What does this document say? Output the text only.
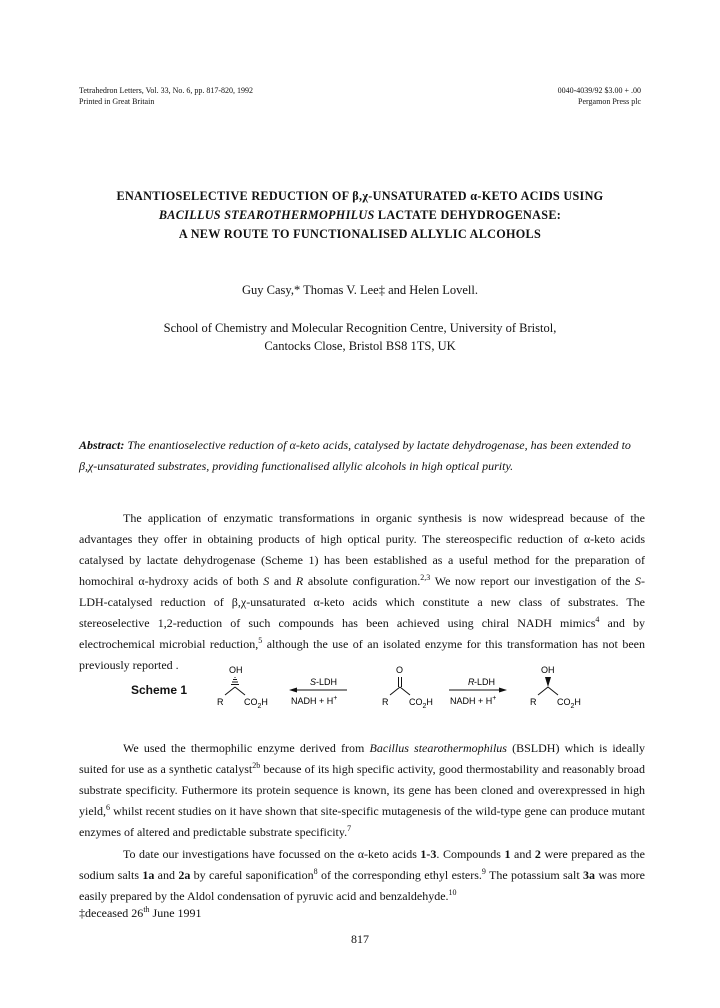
Tetrahedron Letters, Vol. 33, No. 6, pp. 817-820, 1992
Printed in Great Britain
0040-4039/92 $3.00 + .00
Pergamon Press plc
ENANTIOSELECTIVE REDUCTION OF β,χ-UNSATURATED α-KETO ACIDS USING
BACILLUS STEAROTHERMOPHILUS LACTATE DEHYDROGENASE:
A NEW ROUTE TO FUNCTIONALISED ALLYLIC ALCOHOLS
Guy Casy,* Thomas V. Lee‡ and Helen Lovell.
School of Chemistry and Molecular Recognition Centre, University of Bristol,
Cantocks Close, Bristol BS8 1TS, UK
Abstract: The enantioselective reduction of α-keto acids, catalysed by lactate dehydrogenase, has been extended to β,χ-unsaturated substrates, providing functionalised allylic alcohols in high optical purity.
The application of enzymatic transformations in organic synthesis is now widespread because of the advantages they offer in obtaining products of high optical purity. The stereospecific reduction of α-keto acids catalysed by lactate dehydrogenase (Scheme 1) has been established as a useful method for the preparation of homochiral α-hydroxy acids of both S and R absolute configuration.$^{2,3}$ We now report our investigation of the S-LDH-catalysed reduction of β,χ-unsaturated α-keto acids which constitute a new class of substrates. The stereoselective 1,2-reduction of such compounds has been achieved using chiral NADH mimics$^4$ and by electrochemical microbial reduction,$^5$ although the use of an isolated enzyme for this transformation has not been previously reported .
Scheme 1
OH
R $CO_2H$
S -LDH
NADH + H+
O
R $CO_2H$
R -LDH
NADH + H+
OH
R $CO_2H$
We used the thermophilic enzyme derived from Bacillus stearothermophilus (BSLDH) which is ideally suited for use as a synthetic catalyst$^{2b}$ because of its high specific activity, good thermostability and reasonably broad substrate specificity. Futhermore its protein sequence is known, its gene has been cloned and overexpressed in high yield,$^6$ whilst recent studies on it have shown that site-specific mutagenesis of the wild-type gene can produce mutant enzymes of altered and predictable substrate specificity.$^7$
To date our investigations have focussed on the α-keto acids 1-3. Compounds 1 and 2 were prepared as the sodium salts 1a and 2a by careful saponification$^8$ of the corresponding ethyl esters.$^9$ The potassium salt 3a was more easily prepared by the Aldol condensation of pyruvic acid and benzaldehyde.$^{10}$
‡deceased 26th June 1991
817
